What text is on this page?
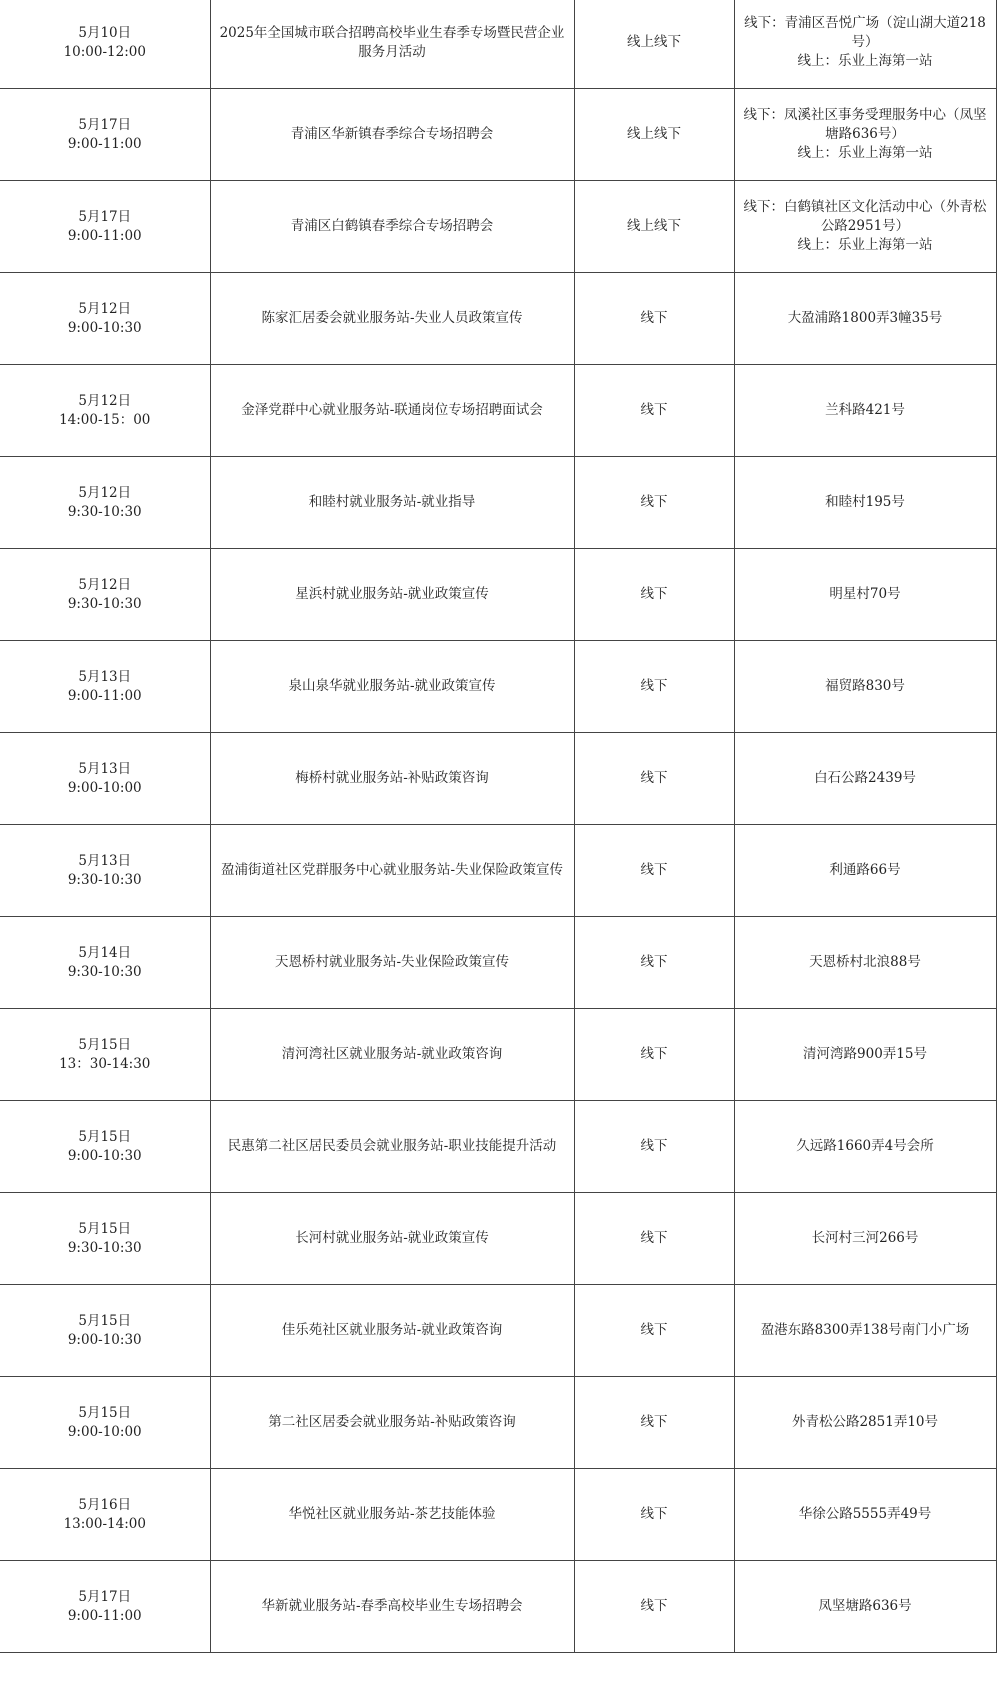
5月10日
10:00-12:00	2025年全国城市联合招聘高校毕业生春季专场暨民营企业服务月活动	线上线下	线下：青浦区吾悦广场（淀山湖大道218号）
线上：乐业上海第一站

5月17日
9:00-11:00	青浦区华新镇春季综合专场招聘会	线上线下	线下：凤溪社区事务受理服务中心（凤坚塘路636号）
线上：乐业上海第一站

5月17日
9:00-11:00	青浦区白鹤镇春季综合专场招聘会	线上线下	线下：白鹤镇社区文化活动中心（外青松公路2951号）
线上：乐业上海第一站

5月12日
9:00-10:30	陈家汇居委会就业服务站-失业人员政策宣传	线下	大盈浦路1800弄3幢35号

5月12日
14:00-15：00	金泽党群中心就业服务站-联通岗位专场招聘面试会	线下	兰科路421号

5月12日
9:30-10:30	和睦村就业服务站-就业指导	线下	和睦村195号

5月12日
9:30-10:30	星浜村就业服务站-就业政策宣传	线下	明星村70号

5月13日
9:00-11:00	泉山泉华就业服务站-就业政策宣传	线下	福贸路830号

5月13日
9:00-10:00	梅桥村就业服务站-补贴政策咨询	线下	白石公路2439号

5月13日
9:30-10:30	盈浦街道社区党群服务中心就业服务站-失业保险政策宣传	线下	利通路66号

5月14日
9:30-10:30	天恩桥村就业服务站-失业保险政策宣传	线下	天恩桥村北浪88号

5月15日
13：30-14:30	清河湾社区就业服务站-就业政策咨询	线下	清河湾路900弄15号

5月15日
9:00-10:30	民惠第二社区居民委员会就业服务站-职业技能提升活动	线下	久远路1660弄4号会所

5月15日
9:30-10:30	长河村就业服务站-就业政策宣传	线下	长河村三河266号

5月15日
9:00-10:30	佳乐苑社区就业服务站-就业政策咨询	线下	盈港东路8300弄138号南门小广场

5月15日
9:00-10:00	第二社区居委会就业服务站-补贴政策咨询	线下	外青松公路2851弄10号

5月16日
13:00-14:00	华悦社区就业服务站-茶艺技能体验	线下	华徐公路5555弄49号

5月17日
9:00-11:00	华新就业服务站-春季高校毕业生专场招聘会	线下	凤坚塘路636号
